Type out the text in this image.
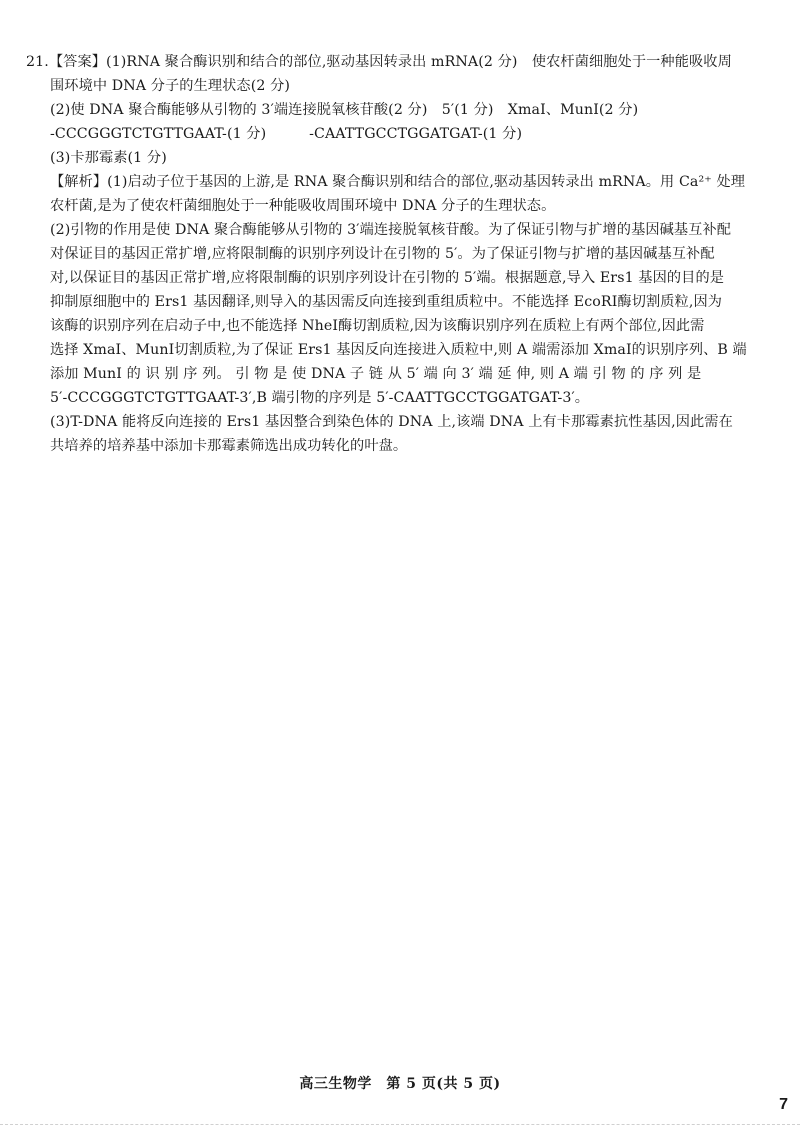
21.【答案】(1)RNA 聚合酶识别和结合的部位,驱动基因转录出 mRNA(2 分)　使农杆菌细胞处于一种能吸收周
围环境中 DNA 分子的生理状态(2 分)
(2)使 DNA 聚合酶能够从引物的 3′端连接脱氧核苷酸(2 分)　5′(1 分)　XmaⅠ、MunⅠ(2 分)
-CCCGGGTCTGTTGAAT-(1 分)　　　-CAATTGCCTGGATGAT-(1 分)
(3)卡那霉素(1 分)
【解析】(1)启动子位于基因的上游,是 RNA 聚合酶识别和结合的部位,驱动基因转录出 mRNA。用 Ca²⁺ 处理
农杆菌,是为了使农杆菌细胞处于一种能吸收周围环境中 DNA 分子的生理状态。
(2)引物的作用是使 DNA 聚合酶能够从引物的 3′端连接脱氧核苷酸。为了保证引物与扩增的基因碱基互补配
对保证目的基因正常扩增,应将限制酶的识别序列设计在引物的 5′。为了保证引物与扩增的基因碱基互补配
对,以保证目的基因正常扩增,应将限制酶的识别序列设计在引物的 5′端。根据题意,导入 Ers1 基因的目的是
抑制原细胞中的 Ers1 基因翻译,则导入的基因需反向连接到重组质粒中。不能选择 EcoRⅠ酶切割质粒,因为
该酶的识别序列在启动子中,也不能选择 NheⅠ酶切割质粒,因为该酶识别序列在质粒上有两个部位,因此需
选择 XmaⅠ、MunⅠ切割质粒,为了保证 Ers1 基因反向连接进入质粒中,则 A 端需添加 XmaⅠ的识别序列、B 端
添加 MunⅠ 的 识 别 序 列。 引 物 是 使 DNA 子 链 从 5′ 端 向 3′ 端 延 伸, 则 A 端 引 物 的 序 列 是
5′-CCCGGGTCTGTTGAAT-3′,B 端引物的序列是 5′-CAATTGCCTGGATGAT-3′。
(3)T-DNA 能将反向连接的 Ers1 基因整合到染色体的 DNA 上,该端 DNA 上有卡那霉素抗性基因,因此需在
共培养的培养基中添加卡那霉素筛选出成功转化的叶盘。
高三生物学　第 5 页(共 5 页)
7
